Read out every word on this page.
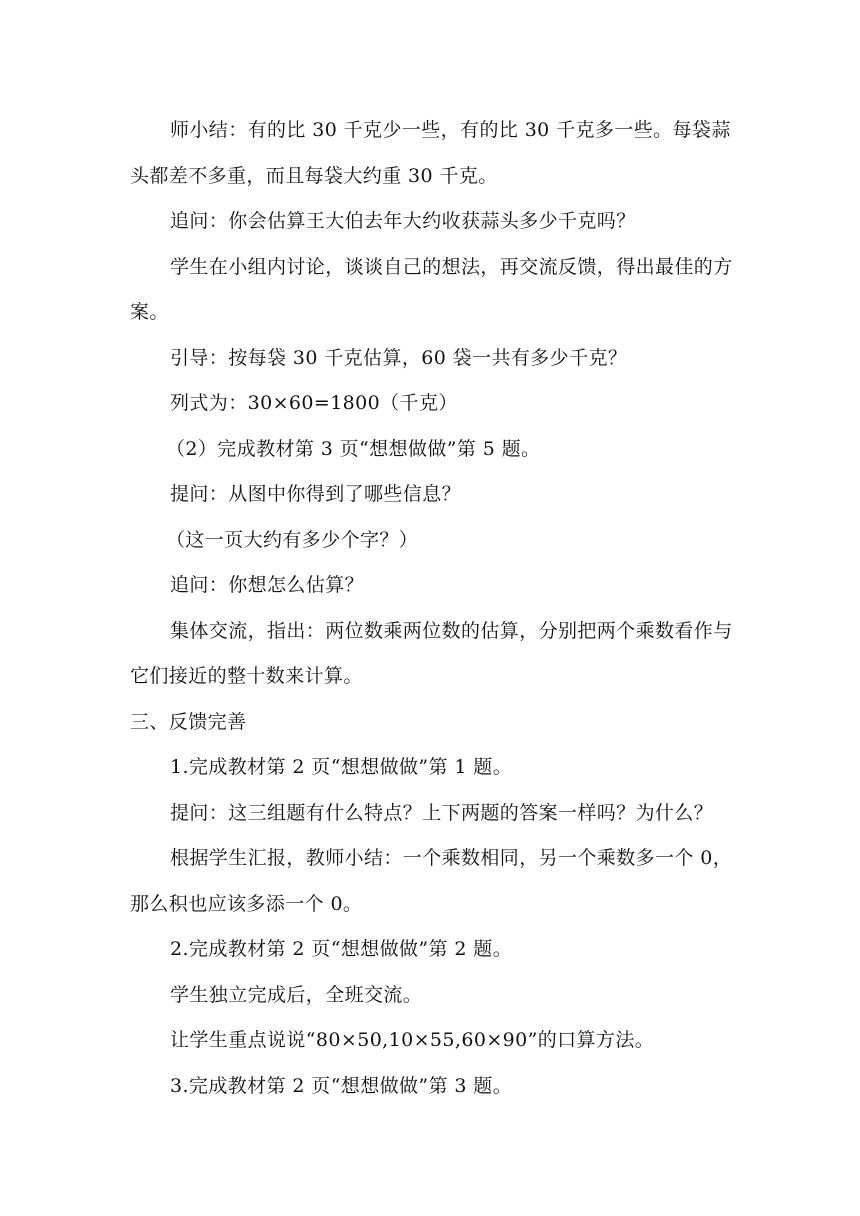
师小结：有的比 30 千克少一些，有的比 30 千克多一些。每袋蒜头都差不多重，而且每袋大约重 30 千克。

追问：你会估算王大伯去年大约收获蒜头多少千克吗？

学生在小组内讨论，谈谈自己的想法，再交流反馈，得出最佳的方案。

引导：按每袋 30 千克估算，60 袋一共有多少千克？

列式为：30×60=1800（千克）

（2）完成教材第 3 页“想想做做”第 5 题。

提问：从图中你得到了哪些信息？

（这一页大约有多少个字？）

追问：你想怎么估算？

集体交流，指出：两位数乘两位数的估算，分别把两个乘数看作与它们接近的整十数来计算。

三、反馈完善

1.完成教材第 2 页“想想做做”第 1 题。

提问：这三组题有什么特点？上下两题的答案一样吗？为什么？

根据学生汇报，教师小结：一个乘数相同，另一个乘数多一个 0，那么积也应该多添一个 0。

2.完成教材第 2 页“想想做做”第 2 题。

学生独立完成后，全班交流。

让学生重点说说“80×50,10×55,60×90”的口算方法。

3.完成教材第 2 页“想想做做”第 3 题。
